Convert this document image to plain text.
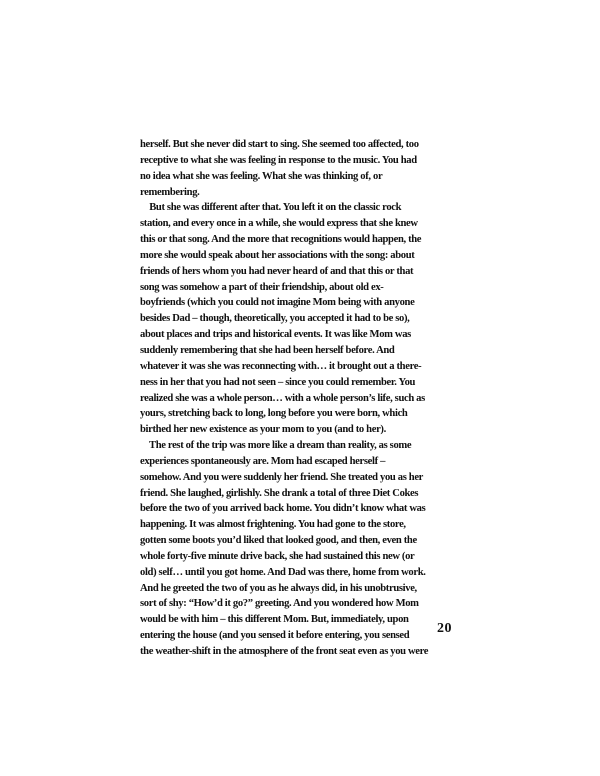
herself. But she never did start to sing. She seemed too affected, too
receptive to what she was feeling in response to the music. You had
no idea what she was feeling. What she was thinking of, or
remembering.
But she was different after that. You left it on the classic rock
station, and every once in a while, she would express that she knew
this or that song. And the more that recognitions would happen, the
more she would speak about her associations with the song: about
friends of hers whom you had never heard of and that this or that
song was somehow a part of their friendship, about old ex-
boyfriends (which you could not imagine Mom being with anyone
besides Dad – though, theoretically, you accepted it had to be so),
about places and trips and historical events. It was like Mom was
suddenly remembering that she had been herself before. And
whatever it was she was reconnecting with… it brought out a there-
ness in her that you had not seen – since you could remember. You
realized she was a whole person… with a whole person’s life, such as
yours, stretching back to long, long before you were born, which
birthed her new existence as your mom to you (and to her).
The rest of the trip was more like a dream than reality, as some
experiences spontaneously are. Mom had escaped herself –
somehow. And you were suddenly her friend. She treated you as her
friend. She laughed, girlishly. She drank a total of three Diet Cokes
before the two of you arrived back home. You didn’t know what was
happening. It was almost frightening. You had gone to the store,
gotten some boots you’d liked that looked good, and then, even the
whole forty-five minute drive back, she had sustained this new (or
old) self… until you got home. And Dad was there, home from work.
And he greeted the two of you as he always did, in his unobtrusive,
sort of shy: “How’d it go?” greeting. And you wondered how Mom
would be with him – this different Mom. But, immediately, upon
entering the house (and you sensed it before entering, you sensed
the weather-shift in the atmosphere of the front seat even as you were
20
